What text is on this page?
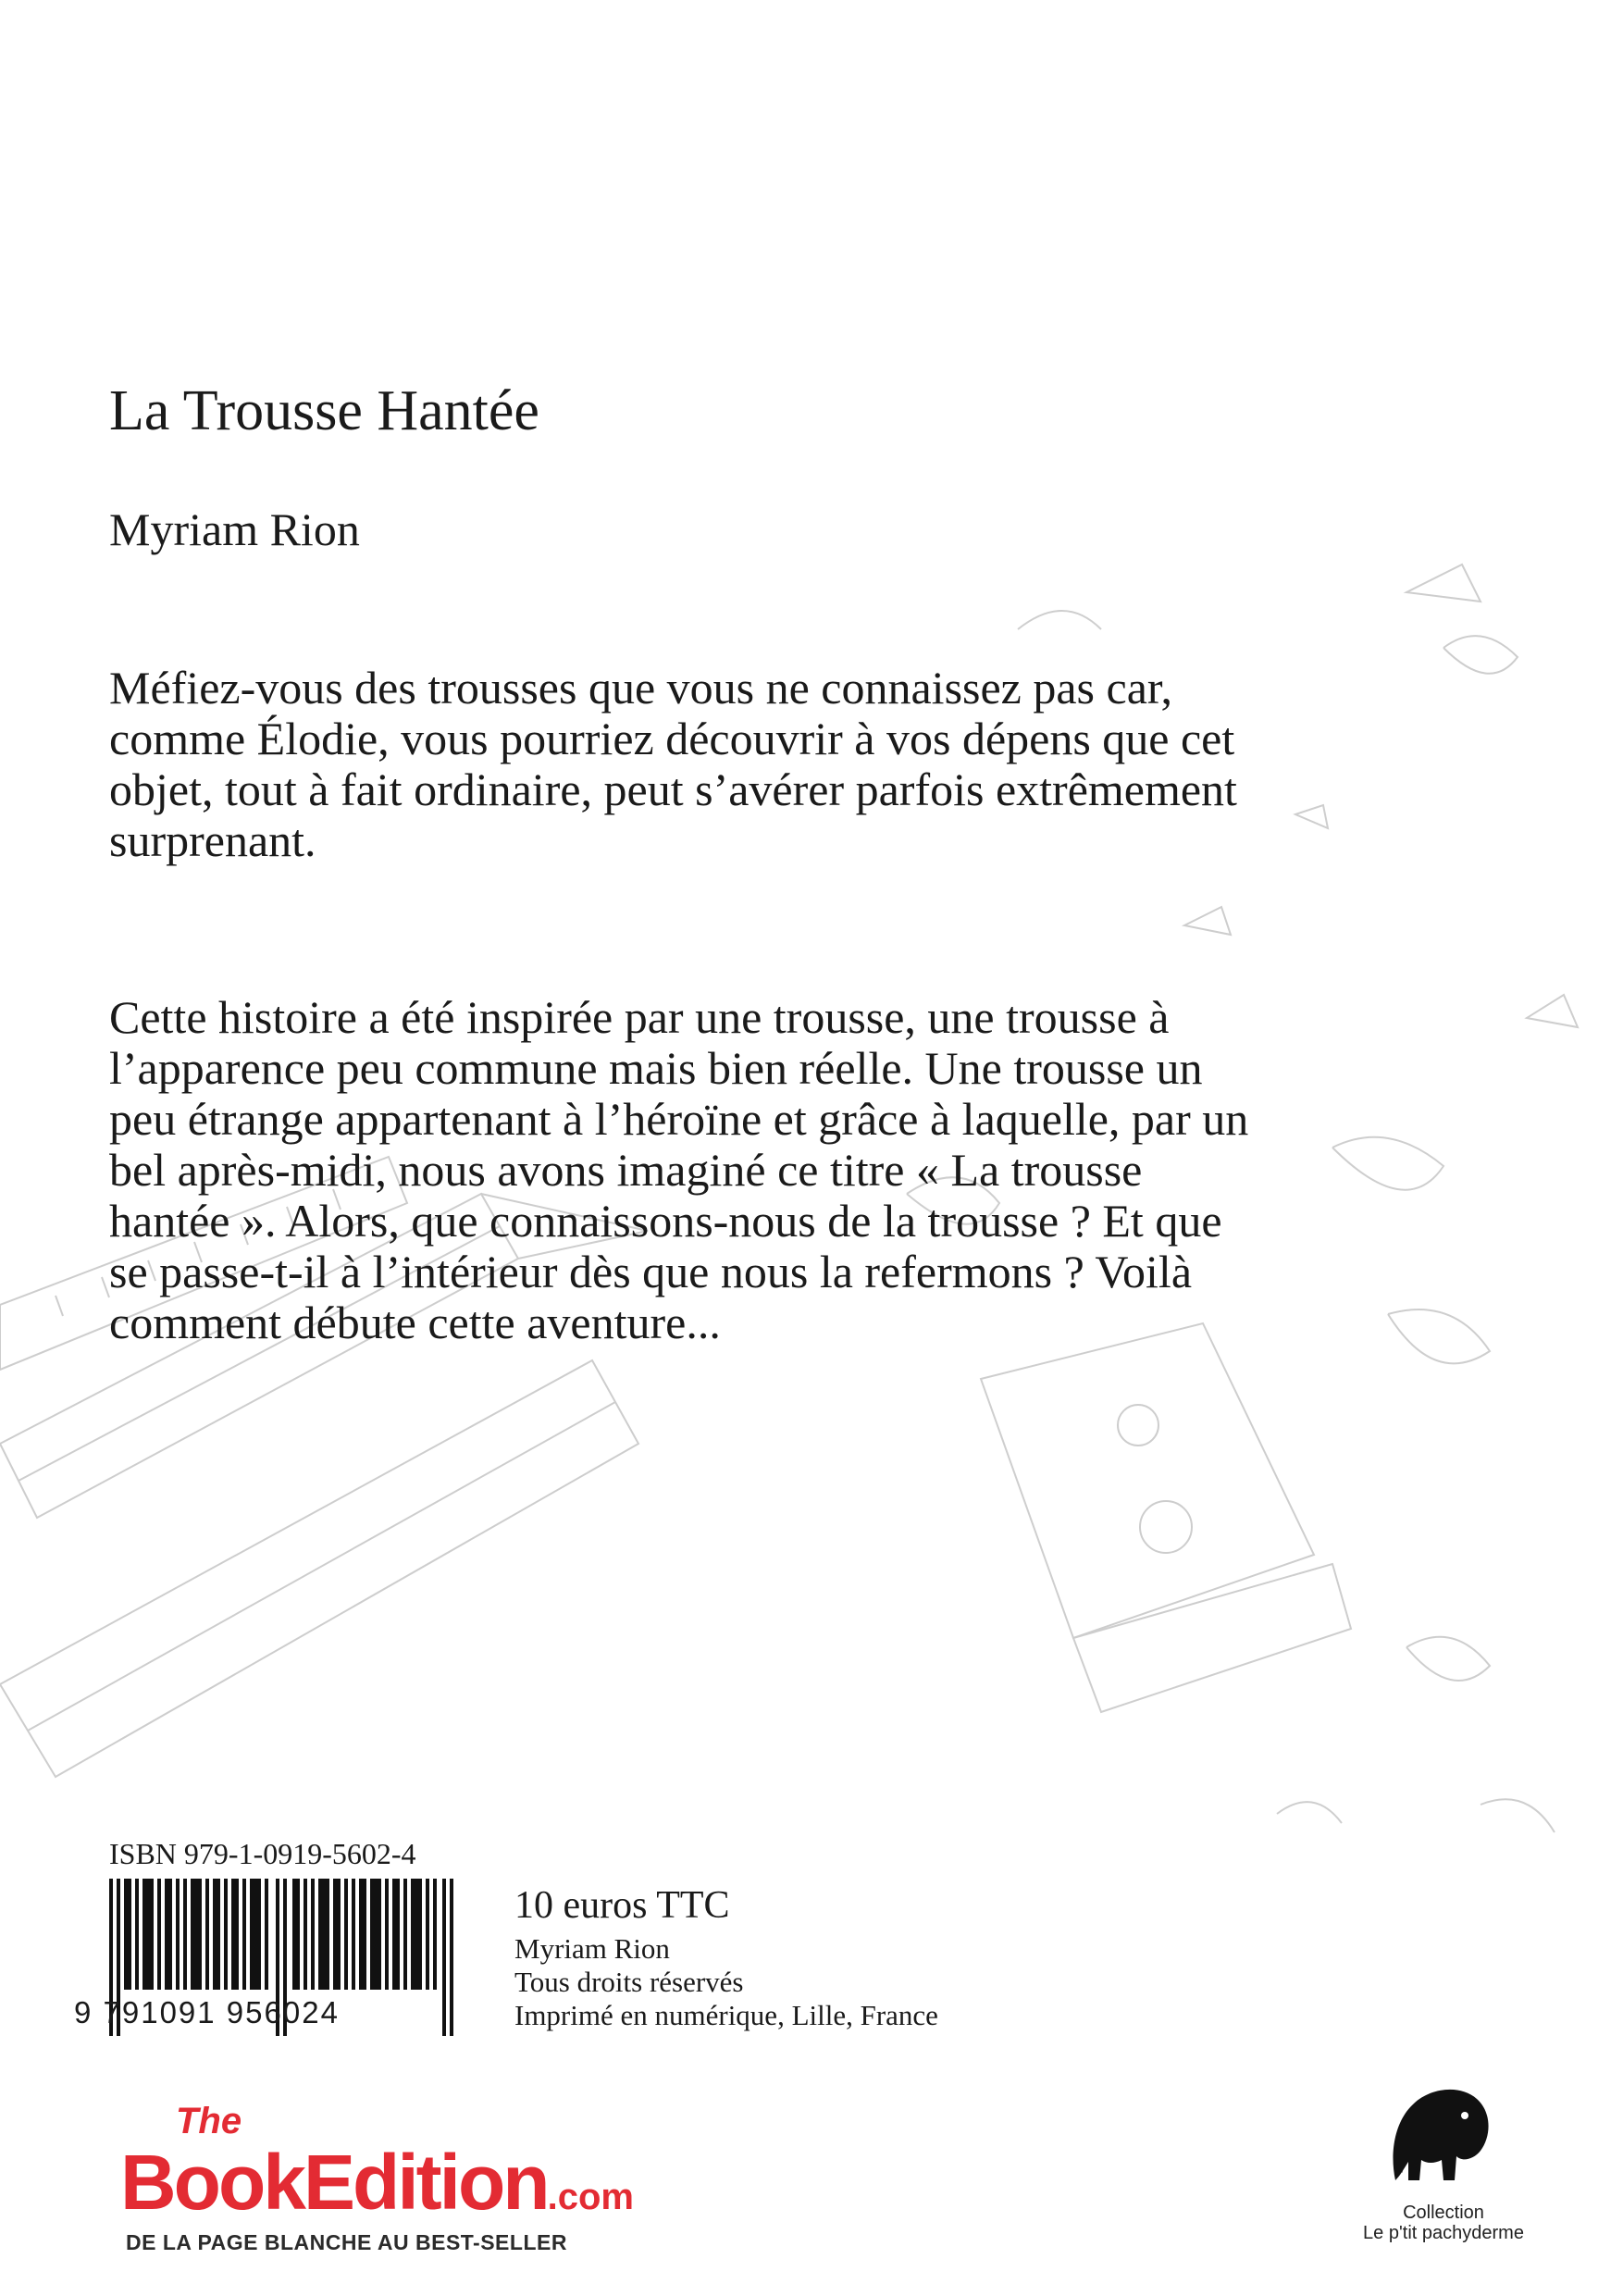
La Trousse Hantée
Myriam Rion

Méfiez-vous des trousses que vous ne connaissez pas car, comme Élodie, vous pourriez découvrir à vos dépens que cet objet, tout à fait ordinaire, peut s’avérer parfois extrêmement surprenant.

Cette histoire a été inspirée par une trousse, une trousse à l’apparence peu commune mais bien réelle. Une trousse un peu étrange appartenant à l’héroïne et grâce à laquelle, par un bel après-midi, nous avons imaginé ce titre « La trousse hantée ». Alors, que connaissons-nous de la trousse ? Et que se passe-t-il à l’intérieur dès que nous la refermons ? Voilà comment débute cette aventure...

ISBN 979-1-0919-5602-4
9 791091 956024
10 euros TTC
Myriam Rion
Tous droits réservés
Imprimé en numérique, Lille, France
The
BookEdition.com
DE LA PAGE BLANCHE AU BEST-SELLER
Collection
Le p'tit pachyderme
